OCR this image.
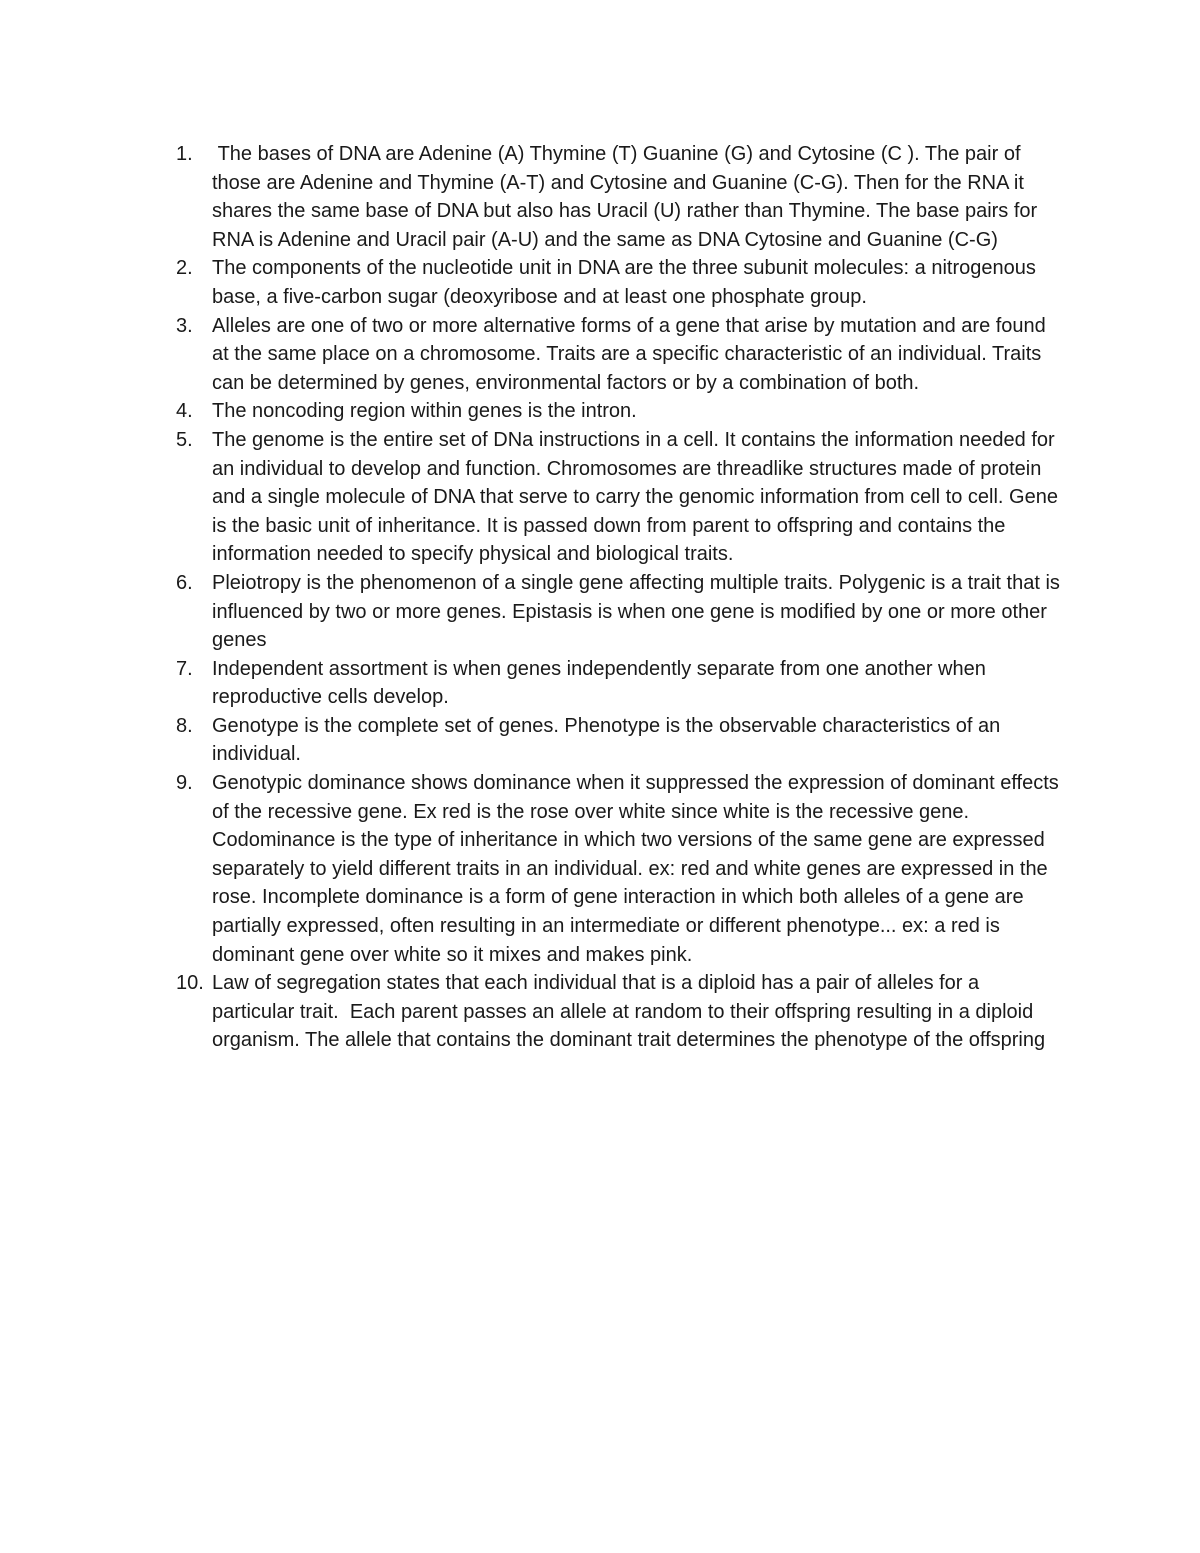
1. The bases of DNA are Adenine (A) Thymine (T) Guanine (G) and Cytosine (C ). The pair of those are Adenine and Thymine (A-T) and Cytosine and Guanine (C-G). Then for the RNA it shares the same base of DNA but also has Uracil (U) rather than Thymine. The base pairs for RNA is Adenine and Uracil pair (A-U) and the same as DNA Cytosine and Guanine (C-G)
2. The components of the nucleotide unit in DNA are the three subunit molecules: a nitrogenous base, a five-carbon sugar (deoxyribose and at least one phosphate group.
3. Alleles are one of two or more alternative forms of a gene that arise by mutation and are found at the same place on a chromosome. Traits are a specific characteristic of an individual. Traits can be determined by genes, environmental factors or by a combination of both.
4. The noncoding region within genes is the intron.
5. The genome is the entire set of DNa instructions in a cell. It contains the information needed for an individual to develop and function. Chromosomes are threadlike structures made of protein and a single molecule of DNA that serve to carry the genomic information from cell to cell. Gene is the basic unit of inheritance. It is passed down from parent to offspring and contains the information needed to specify physical and biological traits.
6. Pleiotropy is the phenomenon of a single gene affecting multiple traits. Polygenic is a trait that is influenced by two or more genes. Epistasis is when one gene is modified by one or more other genes
7. Independent assortment is when genes independently separate from one another when reproductive cells develop.
8. Genotype is the complete set of genes. Phenotype is the observable characteristics of an individual.
9. Genotypic dominance shows dominance when it suppressed the expression of dominant effects of the recessive gene. Ex red is the rose over white since white is the recessive gene. Codominance is the type of inheritance in which two versions of the same gene are expressed separately to yield different traits in an individual. ex: red and white genes are expressed in the rose. Incomplete dominance is a form of gene interaction in which both alleles of a gene are partially expressed, often resulting in an intermediate or different phenotype... ex: a red is dominant gene over white so it mixes and makes pink.
10. Law of segregation states that each individual that is a diploid has a pair of alleles for a particular trait.  Each parent passes an allele at random to their offspring resulting in a diploid organism. The allele that contains the dominant trait determines the phenotype of the offspring
